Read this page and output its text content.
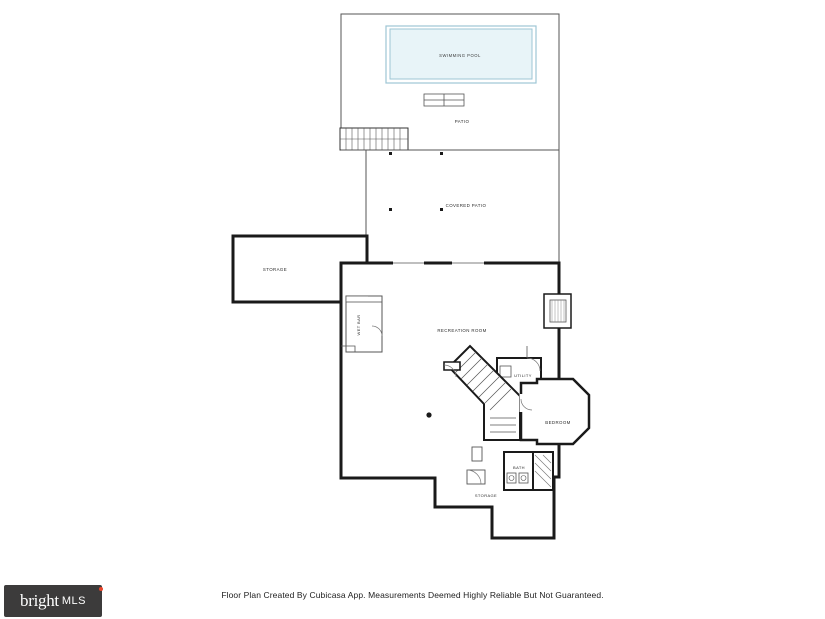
SWIMMING POOL
PATIO
COVERED PATIO
STORAGE
RECREATION ROOM
UTILITY
BEDROOM
BATH
STORAGE
WET BAR
Floor Plan Created By Cubicasa App. Measurements Deemed Highly Reliable But Not Guaranteed.
bright MLS
